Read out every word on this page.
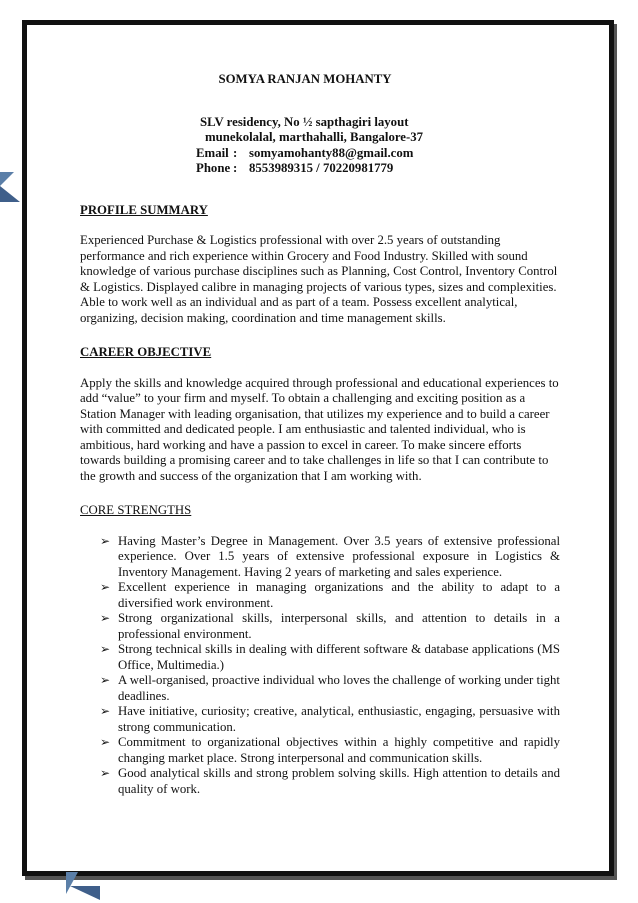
SOMYA RANJAN MOHANTY
SLV residency, No ½ sapthagiri layout
munekolalal, marthahalli, Bangalore-37
Email : somyamohanty88@gmail.com
Phone : 8553989315 / 70220981779
PROFILE SUMMARY

Experienced Purchase & Logistics professional with over 2.5 years of outstanding performance and rich experience within Grocery and Food Industry. Skilled with sound knowledge of various purchase disciplines such as Planning, Cost Control, Inventory Control & Logistics. Displayed calibre in managing projects of various types, sizes and complexities. Able to work well as an individual and as part of a team. Possess excellent analytical, organizing, decision making, coordination and time management skills.

CAREER OBJECTIVE

Apply the skills and knowledge acquired through professional and educational experiences to add “value” to your firm and myself. To obtain a challenging and exciting position as a Station Manager with leading organisation, that utilizes my experience and to build a career with committed and dedicated people. I am enthusiastic and talented individual, who is ambitious, hard working and have a passion to excel in career. To make sincere efforts towards building a promising career and to take challenges in life so that I can contribute to the growth and success of the organization that I am working with.

CORE STRENGTHS
➢ Having Master’s Degree in Management. Over 3.5 years of extensive professional experience. Over 1.5 years of extensive professional exposure in Logistics & Inventory Management. Having 2 years of marketing and sales experience.
➢ Excellent experience in managing organizations and the ability to adapt to a diversified work environment.
➢ Strong organizational skills, interpersonal skills, and attention to details in a professional environment.
➢ Strong technical skills in dealing with different software & database applications (MS Office, Multimedia.)
➢ A well-organised, proactive individual who loves the challenge of working under tight deadlines.
➢ Have initiative, curiosity; creative, analytical, enthusiastic, engaging, persuasive with strong communication.
➢ Commitment to organizational objectives within a highly competitive and rapidly changing market place. Strong interpersonal and communication skills.
➢ Good analytical skills and strong problem solving skills. High attention to details and quality of work.
